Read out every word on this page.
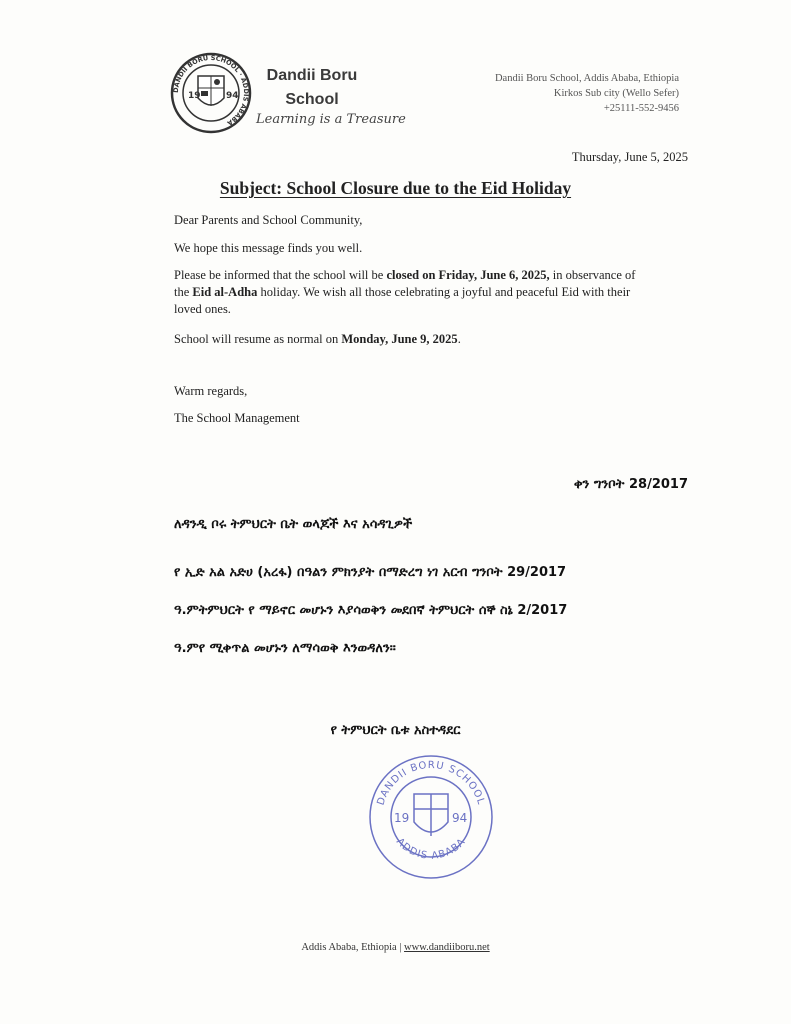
DANDII BORU SCHOOL · ADDIS ABABA
19	94
Dandii Boru
School
Learning is a Treasure
Dandii Boru School, Addis Ababa, Ethiopia
Kirkos Sub city (Wello Sefer)
+25111-552-9456
Thursday, June 5, 2025
Subject: School Closure due to the Eid Holiday
Dear Parents and School Community,
We hope this message finds you well.
Please be informed that the school will be closed on Friday, June 6, 2025, in observance of the Eid al-Adha holiday. We wish all those celebrating a joyful and peaceful Eid with their loved ones.
School will resume as normal on Monday, June 9, 2025.
Warm regards,
The School Management
ቀን ግንቦት 28/2017
ለዳንዲ ቦሩ ትምህርት ቤት ወላጆች እና አሳዳጊዎች
የ ኢድ አል አድሀ (አረፋ) በዓልን ምክንያት በማድረግ ነገ አርብ ግንቦት 29/2017
ዓ.ምትምህርት የ ማይኖር መሆኑን እያሳወቅን መደበኛ ትምህርት ሰኞ ስኔ 2/2017
ዓ.ምየ ሚቀጥል መሆኑን ለማሳወቅ እንወዳለን።
የ ትምህርት ቤቱ አስተዳደር
DANDII BORU SCHOOL
ADDIS ABABA
19	94
Addis Ababa, Ethiopia | www.dandiiboru.net
